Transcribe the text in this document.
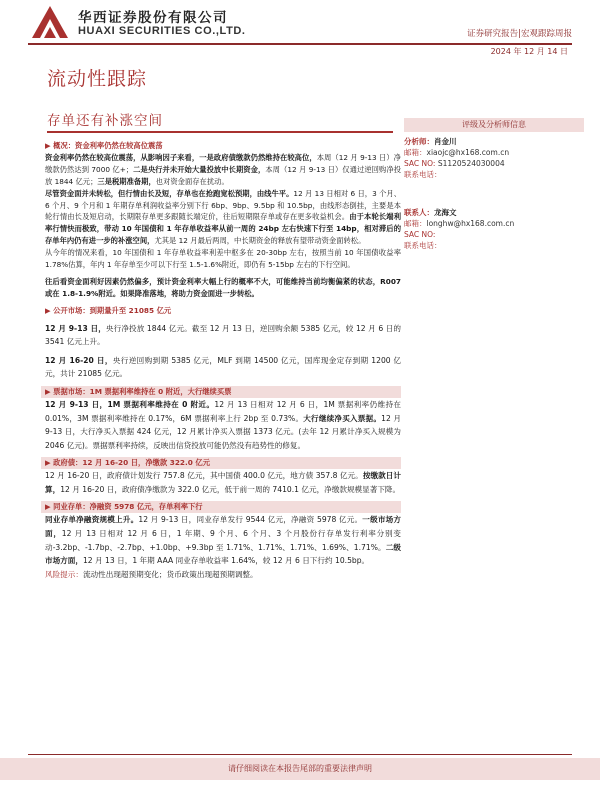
华西证券股份有限公司
HUAXI SECURITIES CO.,LTD.	证券研究报告|宏观跟踪周报
2024 年 12 月 14 日
流动性跟踪
存单还有补涨空间	评级及分析师信息
分析师：肖金川
邮箱：xiaojc@hx168.com.cn
SAC NO: S1120524030004
联系电话：
联系人：龙海文
邮箱：longhw@hx168.com.cn
SAC NO:
联系电话：
▶ 概况：资金利率仍然在较高位震荡

资金利率仍然在较高位震荡，从影响因子来看，一是政府债缴款仍然维持在较高位，本周（12 月 9-13 日）净缴款仍然达到 7000 亿+；二是央行并未开始大量投放中长期资金，本周（12 月 9-13 日）仅通过逆回购净投放 1844 亿元；三是税期准备期，也对资金面存在扰动。

尽管资金面并未转松，但行情由长及短，存单也在抢跑宽松预期，由线牛平。12 月 13 日相对 6 日，3 个月、6 个月、9 个月和 1 年期存单利润收益率分别下行 6bp、9bp、9.5bp 和 10.5bp，由线形态倒挂，主要是本轮行情由长及短启动，长期限存单更多跟随长端定价，往后短期限存单或存在更多收益机会。由于本轮长端利率行情快而极致，带动 10 年国债和 1 年存单收益率从前一周的 24bp 左右快速下行至 14bp，相对滞后的存单年内仍有进一步的补涨空间，尤其是 12 月最后两周，中长期资金的释放有望带动资金面转松。

从今年的情况来看，10 年国债和 1 年存单收益率利差中枢多在 20-30bp 左右，按照当前 10 年国债收益率 1.78%估算，年内 1 年存单至少可以下行至 1.5-1.6%附近，即仍有 5-15bp 左右的下行空间。

往后看资金面利好因素仍然偏多，预计资金利率大幅上行的概率不大，可能维持当前均衡偏紧的状态，R007 或在 1.8-1.9%附近。如果降准落地，将助力资金面进一步转松。

▶ 公开市场：到期量升至 21085 亿元

12 月 9-13 日，央行净投放 1844 亿元。截至 12 月 13 日，逆回购余额 5385 亿元，较 12 月 6 日的 3541 亿元上升。

12 月 16-20 日，央行逆回购到期 5385 亿元，MLF 到期 14500 亿元，国库现金定存到期 1200 亿元，共计 21085 亿元。

▶ 票据市场：1M 票据利率维持在 0 附近，大行继续买票

12 月 9-13 日，1M 票据利率维持在 0 附近。12 月 13 日相对 12 月 6 日，1M 票据利率仍维持在 0.01%，3M 票据利率维持在 0.17%，6M 票据利率上行 2bp 至 0.73%。大行继续净买入票据。12 月 9-13 日，大行净买入票据 424 亿元，12 月累计净买入票据 1373 亿元。(去年 12 月累计净买入规模为 2046 亿元)。票据票利率持续，反映出信贷投放可能仍然没有趋势性的修复。

▶ 政府债：12 月 16-20 日，净缴款 322.0 亿元

12 月 16-20 日，政府债计划发行 757.8 亿元，其中国债 400.0 亿元，地方债 357.8 亿元。按缴款日计算，12 月 16-20 日，政府债净缴款为 322.0 亿元，低于前一周的 7410.1 亿元，净缴款规模显著下降。

▶ 同业存单：净融资 5978 亿元，存单利率下行

同业存单净融资规模上升。12 月 9-13 日，同业存单发行 9544 亿元，净融资 5978 亿元。一级市场方面，12 月 13 日相对 12 月 6 日，1 年期、9 个月、6 个月、3 个月股份行存单发行利率分别变动-3.2bp、-1.7bp、-2.7bp、+1.0bp、+9.3bp 至 1.71%、1.71%、1.71%、1.69%、1.71%。二级市场方面，12 月 13 日，1 年期 AAA 同业存单收益率 1.64%，较 12 月 6 日下行约 10.5bp。

风险提示：流动性出现超预期变化；货币政策出现超预期调整。

请仔细阅读在本报告尾部的重要法律声明
